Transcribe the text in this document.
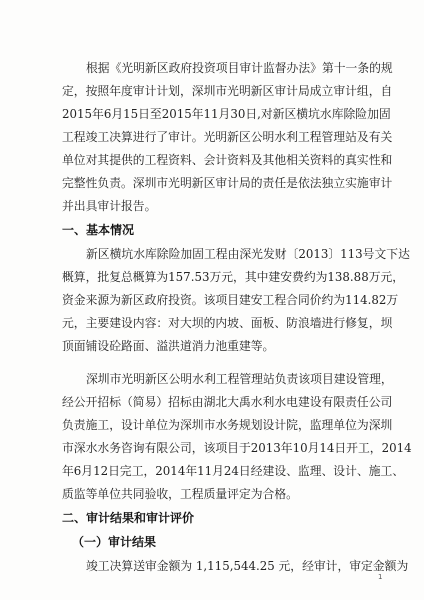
根据《光明新区政府投资项目审计监督办法》第十一条的规
定，按照年度审计计划，深圳市光明新区审计局成立审计组，自
2015年6月15日至2015年11月30日,对新区横坑水库除险加固
工程竣工决算进行了审计。光明新区公明水利工程管理站及有关
单位对其提供的工程资料、会计资料及其他相关资料的真实性和
完整性负责。深圳市光明新区审计局的责任是依法独立实施审计
并出具审计报告。
一、基本情况
新区横坑水库除险加固工程由深光发财〔2013〕113号文下达
概算，批复总概算为157.53万元，其中建安费约为138.88万元，
资金来源为新区政府投资。该项目建安工程合同价约为114.82万
元，主要建设内容：对大坝的内坡、面板、防浪墙进行修复，坝
顶面铺设砼路面、溢洪道消力池重建等。
深圳市光明新区公明水利工程管理站负责该项目建设管理，
经公开招标（简易）招标由湖北大禹水利水电建设有限责任公司
负责施工，设计单位为深圳市水务规划设计院，监理单位为深圳
市深水水务咨询有限公司，该项目于2013年10月14日开工，2014
年6月12日完工，2014年11月24日经建设、监理、设计、施工、
质监等单位共同验收，工程质量评定为合格。
二、审计结果和审计评价
（一）审计结果
竣工决算送审金额为 1,115,544.25 元，经审计，审定金额为
1
